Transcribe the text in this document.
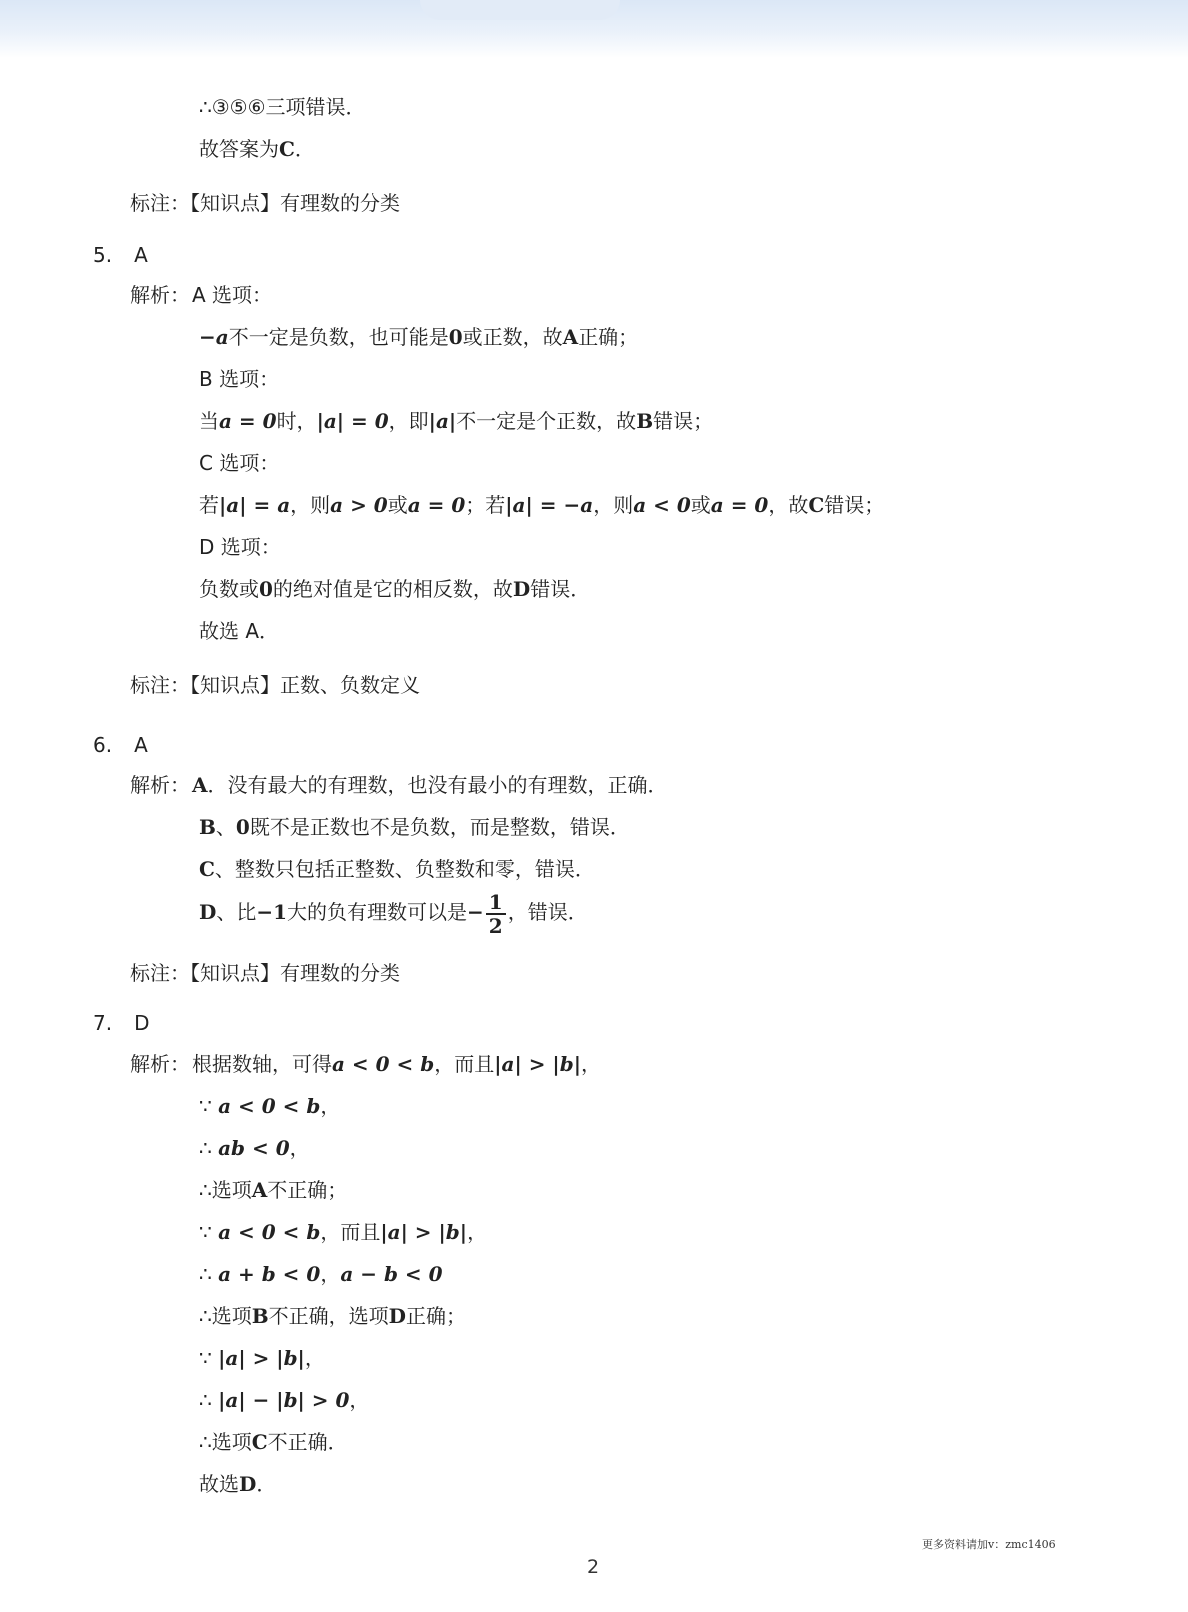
∴③⑤⑥三项错误．
故答案为C．
标注：【知识点】有理数的分类
5. A
解析： A 选项：
−a不一定是负数，也可能是0或正数，故A正确；
B 选项：
当a = 0时，|a| = 0，即|a|不一定是个正数，故B错误；
C 选项：
若|a| = a，则a > 0或a = 0；若|a| = −a，则a < 0或a = 0，故C错误；
D 选项：
负数或0的绝对值是它的相反数，故D错误．
故选 A．
标注：【知识点】正数、负数定义
6. A
解析： A．没有最大的有理数，也没有最小的有理数，正确．
B、0既不是正数也不是负数，而是整数，错误．
C、整数只包括正整数、负整数和零，错误．
D、比−1大的负有理数可以是− $\frac{1}{2}$ ，错误．
标注：【知识点】有理数的分类
7. D
解析： 根据数轴，可得a < 0 < b，而且|a| > |b|，
∵ a < 0 < b，
∴ ab < 0，
∴选项A不正确；
∵ a < 0 < b，而且|a| > |b|，
∴ a + b < 0，a − b < 0
∴选项B不正确，选项D正确；
∵ |a| > |b|，
∴ |a| − |b| > 0，
∴选项C不正确．
故选D．
更多资料请加v：zmc1406
2
